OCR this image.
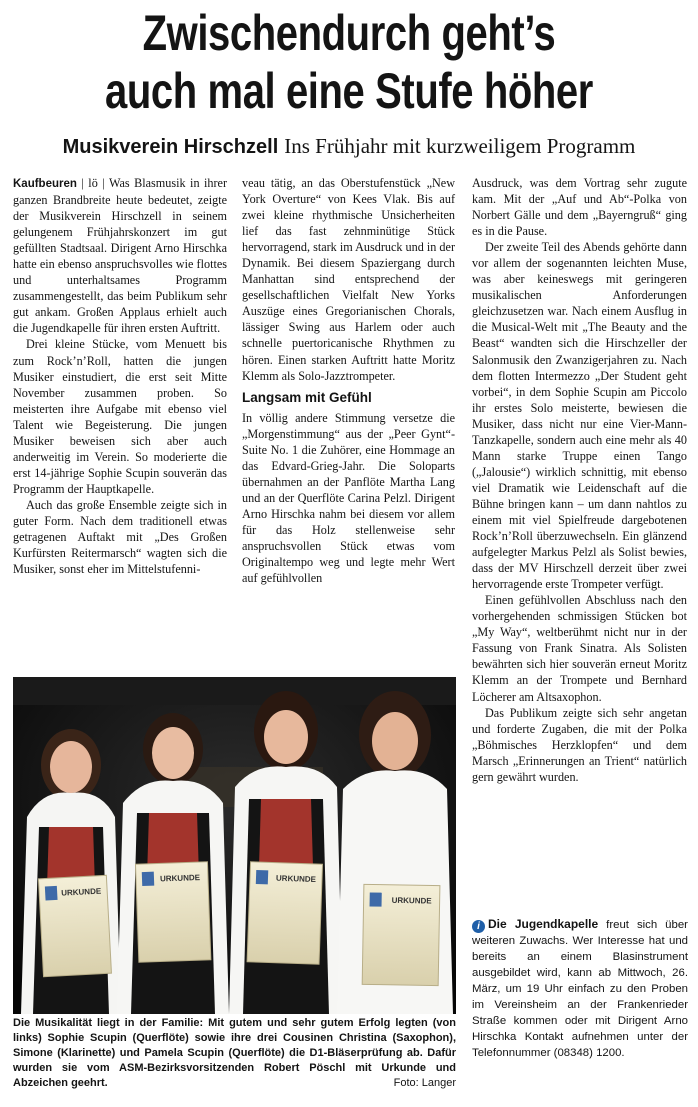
Zwischendurch geht’s
auch mal eine Stufe höher
Musikverein Hirschzell Ins Frühjahr mit kurzweiligem Programm

Kaufbeuren | lö | Was Blasmusik in ihrer ganzen Brandbreite heute bedeutet, zeigte der Musikverein Hirschzell in seinem gelungenem Frühjahrskonzert im gut gefüllten Stadtsaal. Dirigent Arno Hirschka hatte ein ebenso anspruchsvolles wie flottes und unterhaltsames Programm zusammengestellt, das beim Publikum sehr gut ankam. Großen Applaus erhielt auch die Jugendkapelle für ihren ersten Auftritt.

Drei kleine Stücke, vom Menuett bis zum Rock’n’Roll, hatten die jungen Musiker einstudiert, die erst seit Mitte November zusammen proben. So meisterten ihre Aufgabe mit ebenso viel Talent wie Begeisterung. Die jungen Musiker beweisen sich aber auch anderweitig im Verein. So moderierte die erst 14-jährige Sophie Scupin souverän das Programm der Hauptkapelle.

Auch das große Ensemble zeigte sich in guter Form. Nach dem traditionell etwas getragenen Auftakt mit „Des Großen Kurfürsten Reitermarsch“ wagten sich die Musiker, sonst eher im Mittelstufenni-

veau tätig, an das Oberstufenstück „New York Overture“ von Kees Vlak. Bis auf zwei kleine rhythmische Unsicherheiten lief das fast zehnminütige Stück hervorragend, stark im Ausdruck und in der Dynamik. Bei diesem Spaziergang durch Manhattan sind entsprechend der gesellschaftlichen Vielfalt New Yorks Auszüge eines Gregorianischen Chorals, lässiger Swing aus Harlem oder auch schnelle puertoricanische Rhythmen zu hören. Einen starken Auftritt hatte Moritz Klemm als Solo-Jazztrompeter.

Langsam mit Gefühl

In völlig andere Stimmung versetze die „Morgenstimmung“ aus der „Peer Gynt“-Suite No. 1 die Zuhörer, eine Hommage an das Edvard-Grieg-Jahr. Die Soloparts übernahmen an der Panflöte Martha Lang und an der Querflöte Carina Pelzl. Dirigent Arno Hirschka nahm bei diesem vor allem für das Holz stellenweise sehr anspruchsvollen Stück etwas vom Originaltempo weg und legte mehr Wert auf gefühlvollen

Ausdruck, was dem Vortrag sehr zugute kam. Mit der „Auf und Ab“-Polka von Norbert Gälle und dem „Bayerngruß“ ging es in die Pause.

Der zweite Teil des Abends gehörte dann vor allem der sogenannten leichten Muse, was aber keineswegs mit geringeren musikalischen Anforderungen gleichzusetzen war. Nach einem Ausflug in die Musical-Welt mit „The Beauty and the Beast“ wandten sich die Hirschzeller der Salonmusik den Zwanzigerjahren zu. Nach dem flotten Intermezzo „Der Student geht vorbei“, in dem Sophie Scupin am Piccolo ihr erstes Solo meisterte, bewiesen die Musiker, dass nicht nur eine Vier-Mann-Tanzkapelle, sondern auch eine mehr als 40 Mann starke Truppe einen Tango („Jalousie“) wirklich schnittig, mit ebenso viel Dramatik wie Leidenschaft auf die Bühne bringen kann – um dann nahtlos zu einem mit viel Spielfreude dargebotenen Rock’n’Roll überzuwechseln. Ein glänzend aufgelegter Markus Pelzl als Solist bewies, dass der MV Hirschzell derzeit über zwei hervorragende erste Trompeter verfügt.

Einen gefühlvollen Abschluss nach den vorhergehenden schmissigen Stücken bot „My Way“, weltberühmt nicht nur in der Fassung von Frank Sinatra. Als Solisten bewährten sich hier souverän erneut Moritz Klemm an der Trompete und Bernhard Löcherer am Altsaxophon.

Das Publikum zeigte sich sehr angetan und forderte Zugaben, die mit der Polka „Böhmisches Herzklopfen“ und dem Marsch „Erinnerungen an Trient“ natürlich gern gewährt wurden.

URKUNDE
URKUNDE	URKUNDE
URKUNDE
Die Musikalität liegt in der Familie: Mit gutem und sehr gutem Erfolg legten (von links) Sophie Scupin (Querflöte) sowie ihre drei Cousinen Christina (Saxophon), Simone (Klarinette) und Pamela Scupin (Querflöte) die D1-Bläserprüfung ab. Dafür wurden sie vom ASM-Bezirksvorsitzenden Robert Pöschl mit Urkunde und Abzeichen geehrt.	Foto: Langer
i Die Jugendkapelle freut sich über weiteren Zuwachs. Wer Interesse hat und bereits an einem Blasinstrument ausgebildet wird, kann ab Mittwoch, 26. März, um 19 Uhr einfach zu den Proben im Vereinsheim an der Frankenrieder Straße kommen oder mit Dirigent Arno Hirschka Kontakt aufnehmen unter der Telefonnummer (08348) 1200.
